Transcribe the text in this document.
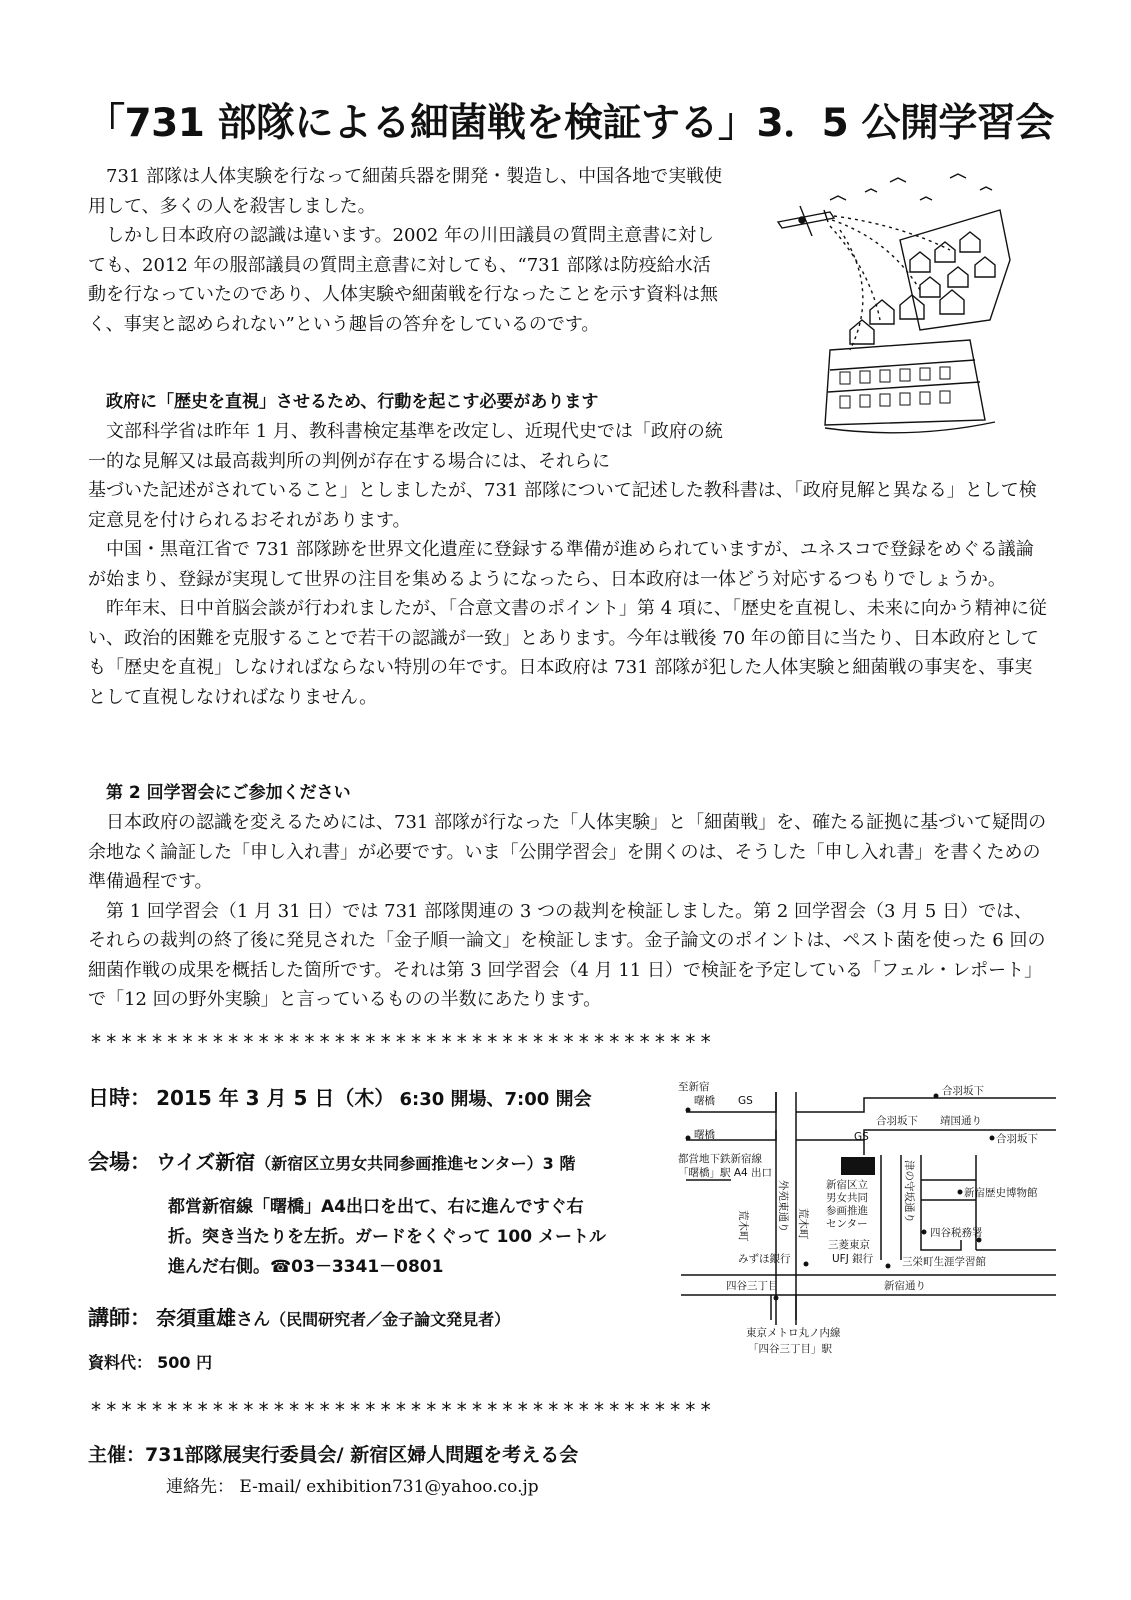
「731 部隊による細菌戦を検証する」3．5 公開学習会

731 部隊は人体実験を行なって細菌兵器を開発・製造し、中国各地で実戦使用して、多くの人を殺害しました。

しかし日本政府の認識は違います。2002 年の川田議員の質問主意書に対しても、2012 年の服部議員の質問主意書に対しても、“731 部隊は防疫給水活動を行なっていたのであり、人体実験や細菌戦を行なったことを示す資料は無く、事実と認められない”という趣旨の答弁をしているのです。

政府に「歴史を直視」させるため、行動を起こす必要があります

文部科学省は昨年 1 月、教科書検定基準を改定し、近現代史では「政府の統一的な見解又は最高裁判所の判例が存在する場合には、それらに
基づいた記述がされていること」としましたが、731 部隊について記述した教科書は、「政府見解と異なる」として検定意見を付けられるおそれがあります。

中国・黒竜江省で 731 部隊跡を世界文化遺産に登録する準備が進められていますが、ユネスコで登録をめぐる議論が始まり、登録が実現して世界の注目を集めるようになったら、日本政府は一体どう対応するつもりでしょうか。

昨年末、日中首脳会談が行われましたが、「合意文書のポイント」第 4 項に、「歴史を直視し、未来に向かう精神に従い、政治的困難を克服することで若干の認識が一致」とあります。今年は戦後 70 年の節目に当たり、日本政府としても「歴史を直視」しなければならない特別の年です。日本政府は 731 部隊が犯した人体実験と細菌戦の事実を、事実として直視しなければなりません。

第 2 回学習会にご参加ください

日本政府の認識を変えるためには、731 部隊が行なった「人体実験」と「細菌戦」を、確たる証拠に基づいて疑問の余地なく論証した「申し入れ書」が必要です。いま「公開学習会」を開くのは、そうした「申し入れ書」を書くための準備過程です。

第 1 回学習会（1 月 31 日）では 731 部隊関連の 3 つの裁判を検証しました。第 2 回学習会（3 月 5 日）では、それらの裁判の終了後に発見された「金子順一論文」を検証します。金子論文のポイントは、ペスト菌を使った 6 回の細菌作戦の成果を概括した箇所です。それは第 3 回学習会（4 月 11 日）で検証を予定している「フェル・レポート」で「12 回の野外実験」と言っているものの半数にあたります。

*****************************************
日時： 2015 年 3 月 5 日（木） 6:30 開場、7:00 開会
会場： ウイズ新宿（新宿区立男女共同参画推進センター）3 階
都営新宿線「曙橋」A4出口を出て、右に進んですぐ右折。突き当たりを左折。ガードをくぐって 100 メートル進んだ右側。☎03－3341－0801
講師： 奈須重雄さん（民間研究者／金子論文発見者）
資料代： 500 円
至新宿
曙橋 GS
合羽坂下
合羽坂下 靖国通り
合羽坂下
曙橋	GS
都営地下鉄新宿線
「曙橋」駅 A4 出口
外苑東通り
荒木町	荒木町
新宿区立
男女共同
参画推進
センター
津の守坂通り	新宿歴史博物館
みずほ銀行
三菱東京
UFJ 銀行
四谷税務署
三栄町生涯学習館
四谷三丁目	新宿通り
東京メトロ丸ノ内線
「四谷三丁目」駅
*****************************************
主催：731部隊展実行委員会/ 新宿区婦人問題を考える会
連絡先： E-mail/ exhibition731@yahoo.co.jp
